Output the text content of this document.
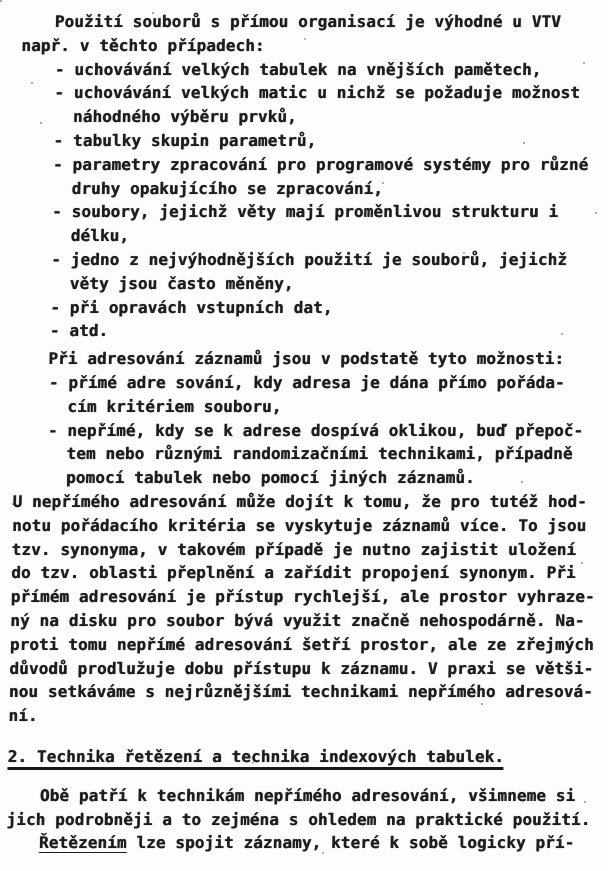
Použití souborů s přímou organisací je výhodné u VTV
např. v těchto případech:
- uchovávání velkých tabulek na vnějších pamětech,
- uchovávání velkých matic u nichž se požaduje možnost
náhodného výběru prvků,
- tabulky skupin parametrů,
- parametry zpracování pro programové systémy pro různé
druhy opakujícího se zpracování,
- soubory, jejichž věty mají proměnlivou strukturu i
délku,
- jedno z nejvýhodnějších použití je souborů, jejichž
věty jsou často měněny,
- při opravách vstupních dat,
- atd.
Při adresování záznamů jsou v podstatě tyto možnosti:
- přímé adre sování, kdy adresa je dána přímo pořáda-
cím kritériem souboru,
- nepřímé, kdy se k adrese dospívá oklikou, buď přepoč-
tem nebo různými randomizačními technikami, případně
pomocí tabulek nebo pomocí jiných záznamů.
U nepřímého adresování může dojít k tomu, že pro tutéž hod-
notu pořádacího kritéria se vyskytuje záznamů více. To jsou
tzv. synonyma, v takovém případě je nutno zajistit uložení
do tzv. oblasti přeplnění a zařídit propojení synonym. Při
přímém adresování je přístup rychlejší, ale prostor vyhraze-
ný na disku pro soubor bývá využit značně nehospodárně. Na-
proti tomu nepřímé adresování šetří prostor, ale ze zřejmých
důvodů prodlužuje dobu přístupu k záznamu. V praxi se větši-
nou setkáváme s nejrůznějšími technikami nepřímého adresová-
ní.
2. Technika řetězení a technika indexových tabulek.
Obě patří k technikám nepřímého adresování, všimneme si
jich podrobněji a to zejména s ohledem na praktické použití.
Řetězením lze spojit záznamy, které k sobě logicky pří-
